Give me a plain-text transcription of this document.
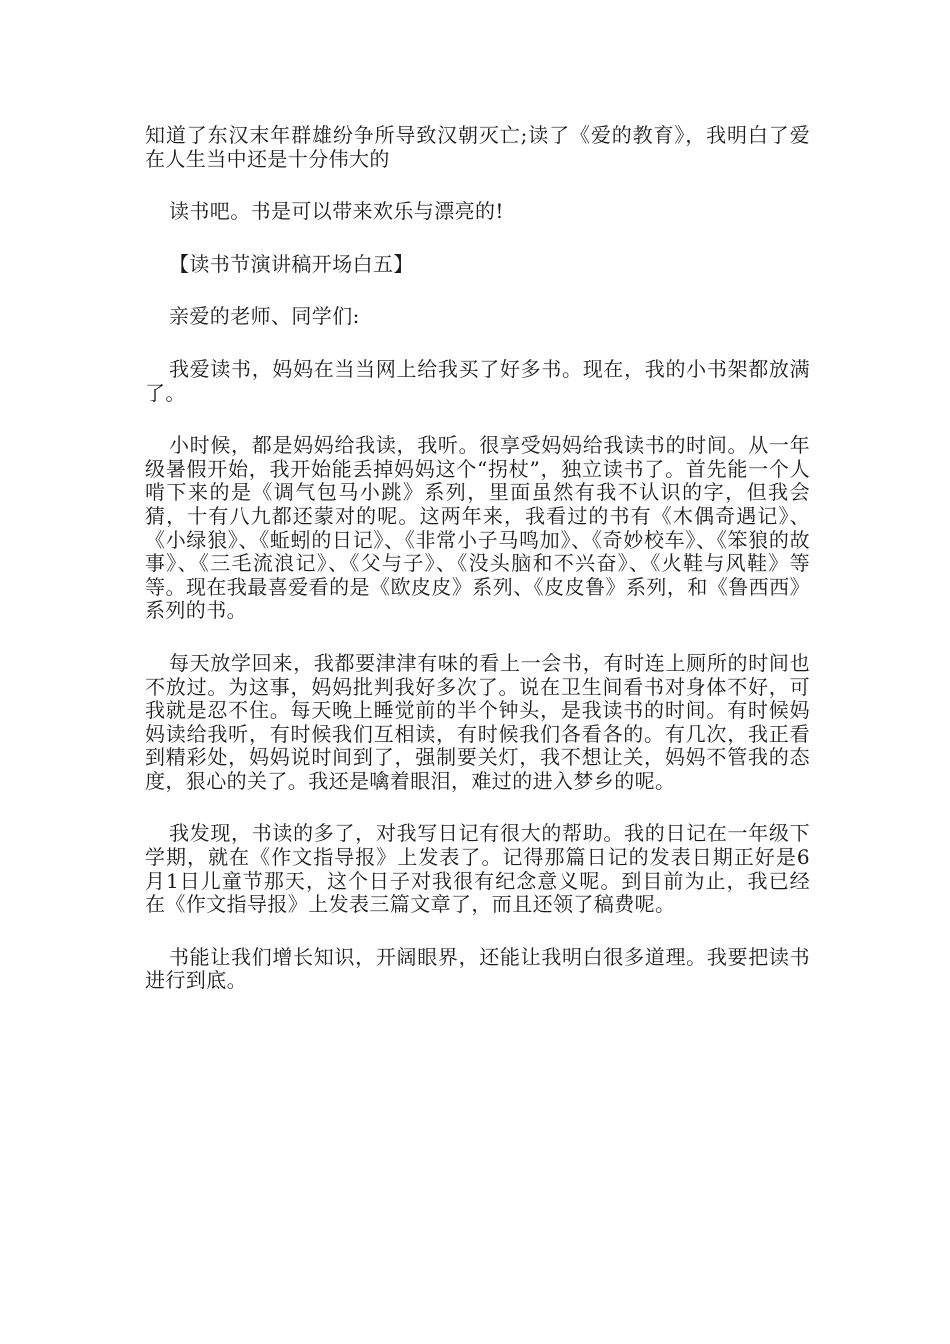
知道了东汉末年群雄纷争所导致汉朝灭亡;读了《爱的教育》，我明白了爱在人生当中还是十分伟大的

读书吧。书是可以带来欢乐与漂亮的!

【读书节演讲稿开场白五】

亲爱的老师、同学们:

我爱读书，妈妈在当当网上给我买了好多书。现在，我的小书架都放满了。

小时候，都是妈妈给我读，我听。很享受妈妈给我读书的时间。从一年级暑假开始，我开始能丢掉妈妈这个“拐杖”，独立读书了。首先能一个人啃下来的是《调气包马小跳》系列，里面虽然有我不认识的字，但我会猜，十有八九都还蒙对的呢。这两年来，我看过的书有《木偶奇遇记》、《小绿狼》、《蚯蚓的日记》、《非常小子马鸣加》、《奇妙校车》、《笨狼的故事》、《三毛流浪记》、《父与子》、《没头脑和不兴奋》、《火鞋与风鞋》等等。现在我最喜爱看的是《欧皮皮》系列、《皮皮鲁》系列，和《鲁西西》系列的书。

每天放学回来，我都要津津有味的看上一会书，有时连上厕所的时间也不放过。为这事，妈妈批判我好多次了。说在卫生间看书对身体不好，可我就是忍不住。每天晚上睡觉前的半个钟头，是我读书的时间。有时候妈妈读给我听，有时候我们互相读，有时候我们各看各的。有几次，我正看到精彩处，妈妈说时间到了，强制要关灯，我不想让关，妈妈不管我的态度，狠心的关了。我还是噙着眼泪，难过的进入梦乡的呢。

我发现，书读的多了，对我写日记有很大的帮助。我的日记在一年级下学期，就在《作文指导报》上发表了。记得那篇日记的发表日期正好是6月1日儿童节那天，这个日子对我很有纪念意义呢。到目前为止，我已经在《作文指导报》上发表三篇文章了，而且还领了稿费呢。

书能让我们增长知识，开阔眼界，还能让我明白很多道理。我要把读书进行到底。
